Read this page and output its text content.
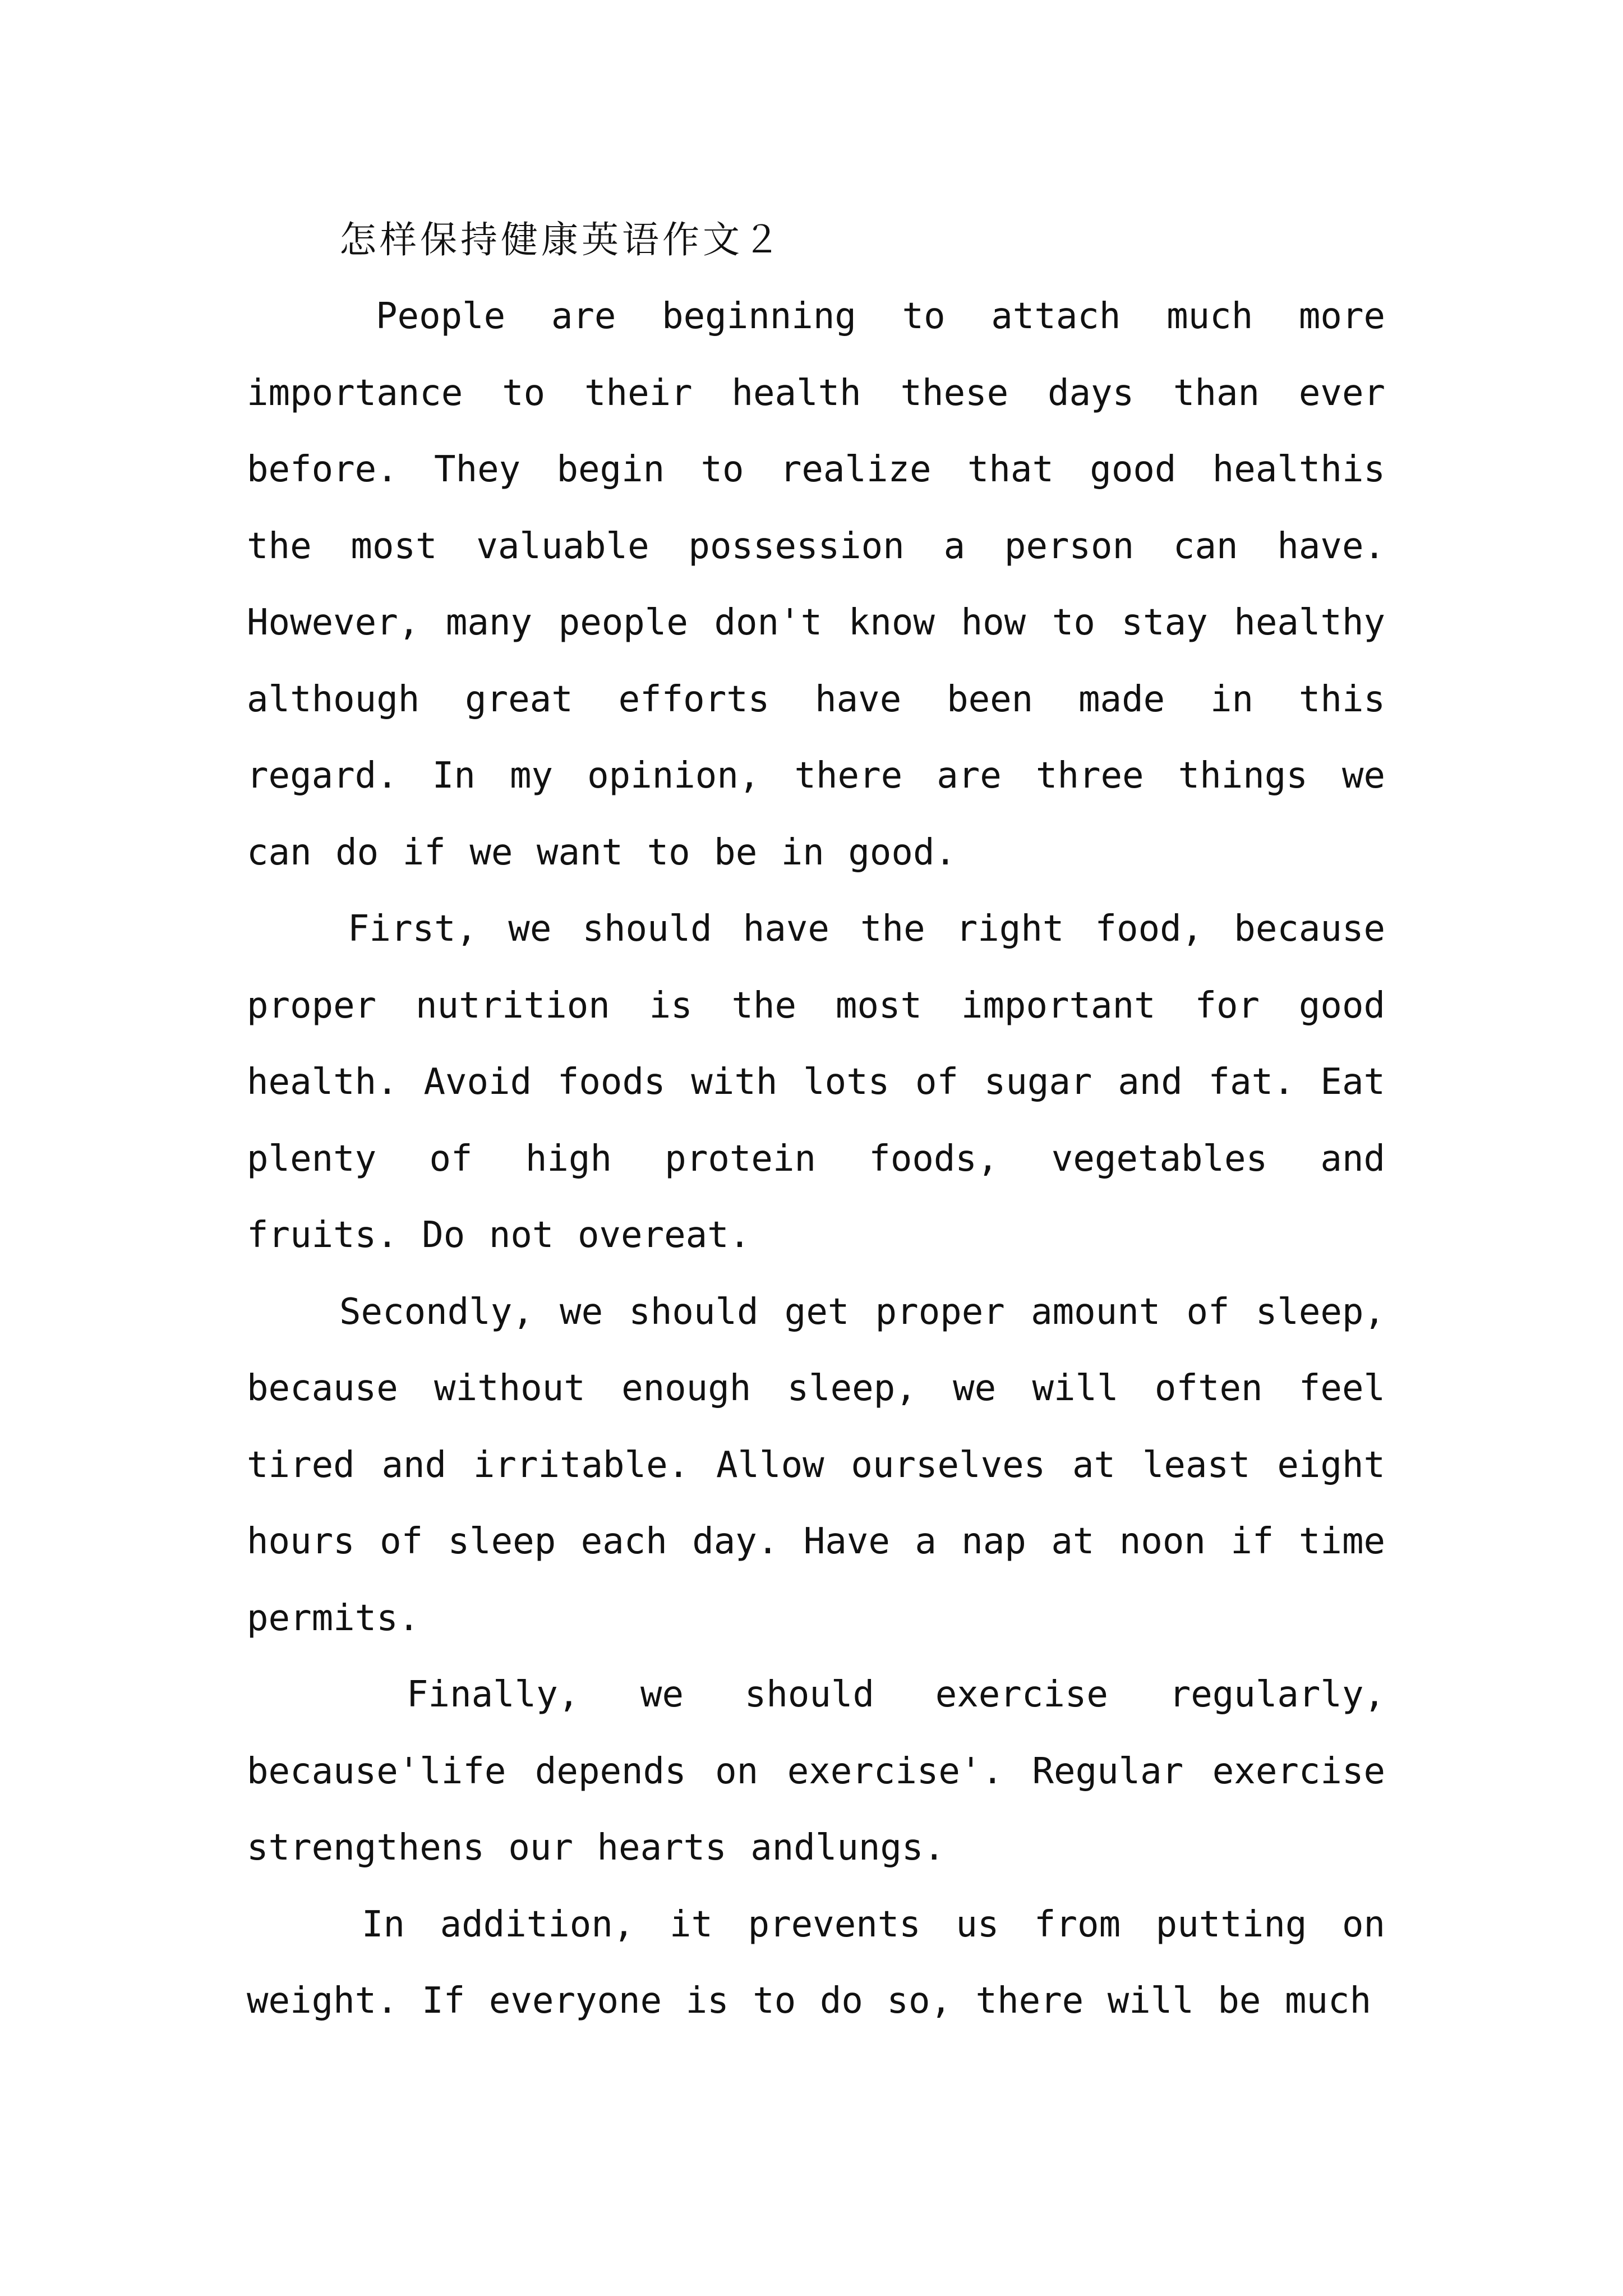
怎样保持健康英语作文２

People are beginning to attach much more importance to their health these days than ever before. They begin to realize that good healthis the most valuable possession a person can have. However, many people don't know how to stay healthy although great efforts have been made in this regard. In my opinion, there are three things we can do if we want to be in good.

First, we should have the right food, because proper nutrition is the most important for good health. Avoid foods with lots of sugar and fat. Eat plenty of high protein foods, vegetables and fruits. Do not overeat.

Secondly, we should get proper amount of sleep, because without enough sleep, we will often feel tired and irritable. Allow ourselves at least eight hours of sleep each day. Have a nap at noon if time permits.

Finally, we should exercise regularly, because'life depends on exercise'. Regular exercise strengthens our hearts andlungs.

In addition, it prevents us from putting on weight. If everyone is to do so, there will be much
